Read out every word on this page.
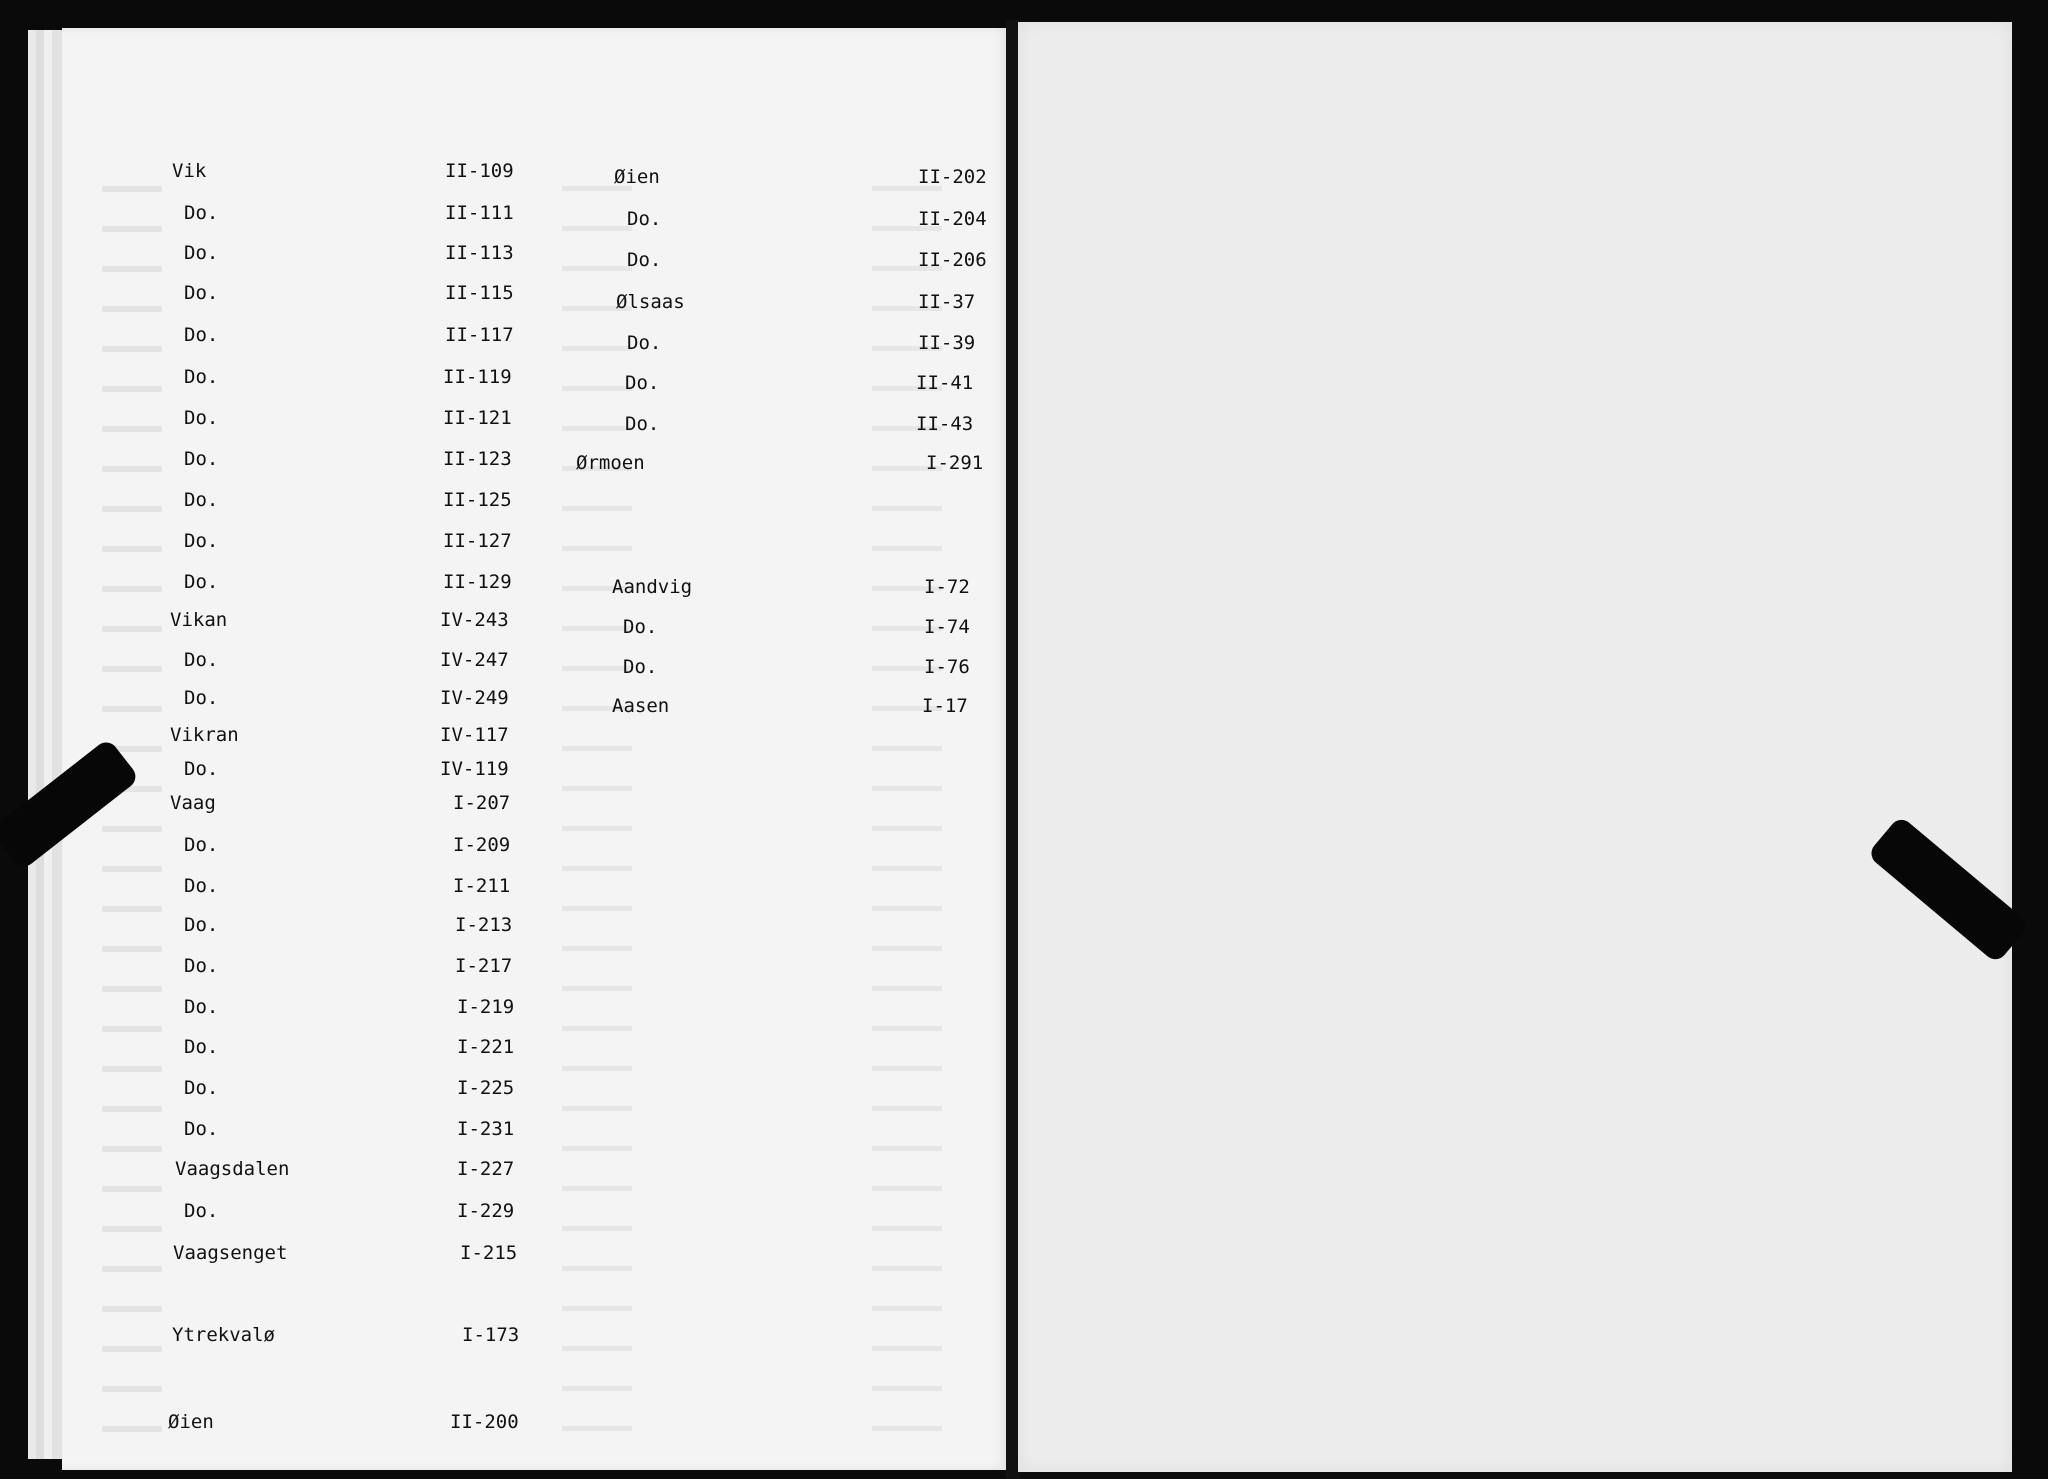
Vik	II-109
Do.	II-111
Do.	II-113
Do.	II-115
Do.	II-117
Do.	II-119
Do.	II-121
Do.	II-123
Do.	II-125
Do.	II-127
Do.	II-129
Vikan	IV-243
Do.	IV-247
Do.	IV-249
Vikran	IV-117
Do.	IV-119
Vaag	I-207
Do.	I-209
Do.	I-211
Do.	I-213
Do.	I-217
Do.	I-219
Do.	I-221
Do.	I-225
Do.	I-231
Vaagsdalen	I-227
Do.	I-229
Vaagsenget	I-215
Ytrekvalø	I-173
Øien	II-200
Øien	II-202
Do.	II-204
Do.	II-206
Ølsaas	II-37
Do.	II-39
Do.	II-41
Do.	II-43
Ørmoen	I-291
Aandvig	I-72
Do.	I-74
Do.	I-76
Aasen	I-17
